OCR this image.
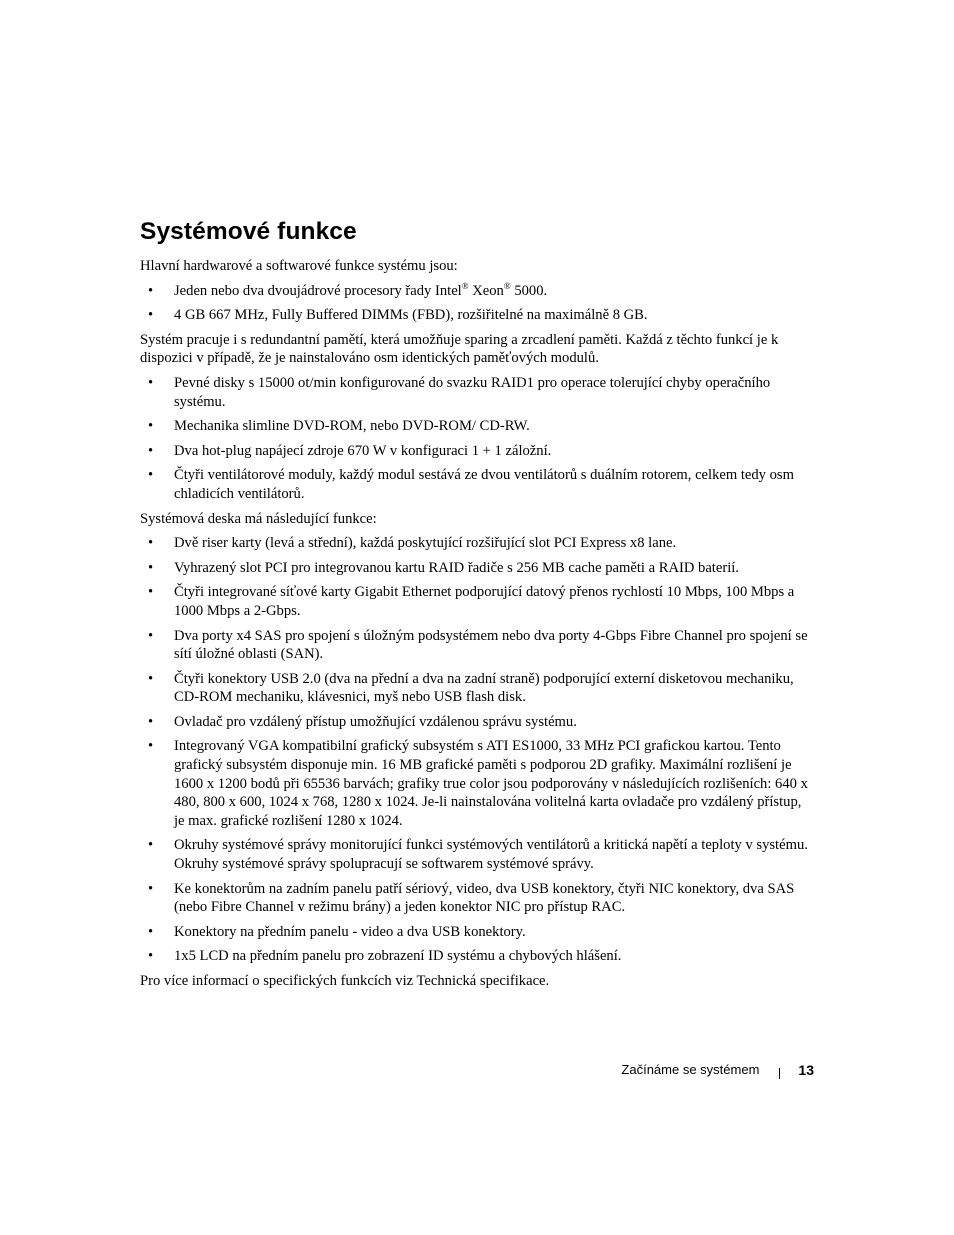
Systémové funkce

Hlavní hardwarové a softwarové funkce systému jsou:

• Jeden nebo dva dvoujádrové procesory řady Intel® Xeon® 5000.
• 4 GB 667 MHz, Fully Buffered DIMMs (FBD), rozšiřitelné na maximálně 8 GB.

Systém pracuje i s redundantní pamětí, která umožňuje sparing a zrcadlení paměti. Každá z těchto funkcí je k dispozici v případě, že je nainstalováno osm identických paměťových modulů.

• Pevné disky s 15000 ot/min konfigurované do svazku RAID1 pro operace tolerující chyby operačního systému.
• Mechanika slimline DVD-ROM, nebo DVD-ROM/ CD-RW.
• Dva hot-plug napájecí zdroje 670 W v konfiguraci 1 + 1 záložní.
• Čtyři ventilátorové moduly, každý modul sestává ze dvou ventilátorů s duálním rotorem, celkem tedy osm chladicích ventilátorů.

Systémová deska má následující funkce:

• Dvě riser karty (levá a střední), každá poskytující rozšiřující slot PCI Express x8 lane.
• Vyhrazený slot PCI pro integrovanou kartu RAID řadiče s 256 MB cache paměti a RAID baterií.
• Čtyři integrované síťové karty Gigabit Ethernet podporující datový přenos rychlostí 10 Mbps, 100 Mbps a 1000 Mbps a 2-Gbps.
• Dva porty x4 SAS pro spojení s úložným podsystémem nebo dva porty 4-Gbps Fibre Channel pro spojení se sítí úložné oblasti (SAN).
• Čtyři konektory USB 2.0 (dva na přední a dva na zadní straně) podporující externí disketovou mechaniku, CD-ROM mechaniku, klávesnici, myš nebo USB flash disk.
• Ovladač pro vzdálený přístup umožňující vzdálenou správu systému.
• Integrovaný VGA kompatibilní grafický subsystém s ATI ES1000, 33 MHz PCI grafickou kartou. Tento grafický subsystém disponuje min. 16 MB grafické paměti s podporou 2D grafiky. Maximální rozlišení je 1600 x 1200 bodů při 65536 barvách; grafiky true color jsou podporovány v následujících rozlišeních: 640 x 480, 800 x 600, 1024 x 768, 1280 x 1024. Je-li nainstalována volitelná karta ovladače pro vzdálený přístup, je max. grafické rozlišení 1280 x 1024.
• Okruhy systémové správy monitorující funkci systémových ventilátorů a kritická napětí a teploty v systému. Okruhy systémové správy spolupracují se softwarem systémové správy.
• Ke konektorům na zadním panelu patří sériový, video, dva USB konektory, čtyři NIC konektory, dva SAS (nebo Fibre Channel v režimu brány) a jeden konektor NIC pro přístup RAC.
• Konektory na předním panelu - video a dva USB konektory.
• 1x5 LCD na předním panelu pro zobrazení ID systému a chybových hlášení.

Pro více informací o specifických funkcích viz Technická specifikace.

Začínáme se systémem	13
